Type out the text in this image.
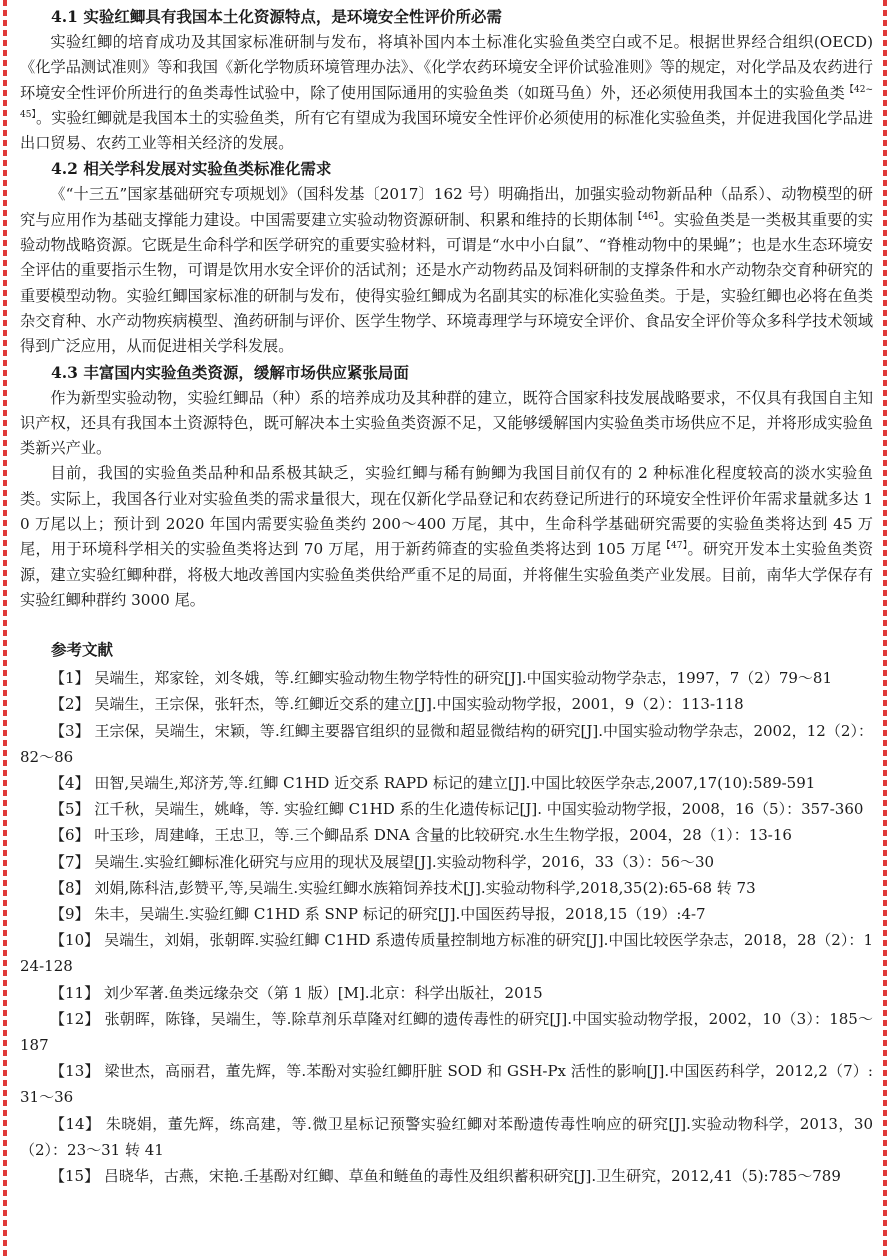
4.1 实验红鲫具有我国本土化资源特点，是环境安全性评价所必需

实验红鲫的培育成功及其国家标准研制与发布，将填补国内本土标准化实验鱼类空白或不足。根据世界经合组织(OECD)《化学品测试准则》等和我国《新化学物质环境管理办法》、《化学农药环境安全评价试验准则》等的规定，对化学品及农药进行环境安全性评价所进行的鱼类毒性试验中，除了使用国际通用的实验鱼类（如斑马鱼）外，还必须使用我国本土的实验鱼类$^{【42\sim 45】}$。实验红鲫就是我国本土的实验鱼类，所有它有望成为我国环境安全性评价必须使用的标准化实验鱼类，并促进我国化学品进出口贸易、农药工业等相关经济的发展。

4.2 相关学科发展对实验鱼类标准化需求

《“十三五”国家基础研究专项规划》（国科发基〔2017〕162 号）明确指出，加强实验动物新品种（品系）、动物模型的研究与应用作为基础支撑能力建设。中国需要建立实验动物资源研制、积累和维持的长期体制$^{【46】}$。实验鱼类是一类极其重要的实验动物战略资源。它既是生命科学和医学研究的重要实验材料，可谓是“水中小白鼠”、“脊椎动物中的果蝇”；也是水生态环境安全评估的重要指示生物，可谓是饮用水安全评价的活试剂；还是水产动物药品及饲料研制的支撑条件和水产动物杂交育种研究的重要模型动物。实验红鲫国家标准的研制与发布，使得实验红鲫成为名副其实的标准化实验鱼类。于是，实验红鲫也必将在鱼类杂交育种、水产动物疾病模型、渔药研制与评价、医学生物学、环境毒理学与环境安全评价、食品安全评价等众多科学技术领域得到广泛应用，从而促进相关学科发展。

4.3 丰富国内实验鱼类资源，缓解市场供应紧张局面

作为新型实验动物，实验红鲫品（种）系的培养成功及其种群的建立，既符合国家科技发展战略要求，不仅具有我国自主知识产权，还具有我国本土资源特色，既可解决本土实验鱼类资源不足，又能够缓解国内实验鱼类市场供应不足，并将形成实验鱼类新兴产业。

目前，我国的实验鱼类品种和品系极其缺乏，实验红鲫与稀有鮈鲫为我国目前仅有的 2 种标准化程度较高的淡水实验鱼类。实际上，我国各行业对实验鱼类的需求量很大，现在仅新化学品登记和农药登记所进行的环境安全性评价年需求量就多达 10 万尾以上；预计到 2020 年国内需要实验鱼类约 200～400 万尾，其中，生命科学基础研究需要的实验鱼类将达到 45 万尾，用于环境科学相关的实验鱼类将达到 70 万尾，用于新药筛查的实验鱼类将达到 105 万尾$^{【47】}$。研究开发本土实验鱼类资源，建立实验红鲫种群，将极大地改善国内实验鱼类供给严重不足的局面，并将催生实验鱼类产业发展。目前，南华大学保存有实验红鲫种群约 3000 尾。

参考文献

【1】 吴端生，郑家铨，刘冬娥，等.红鲫实验动物生物学特性的研究[J].中国实验动物学杂志，1997，7（2）79～81

【2】 吴端生，王宗保，张轩杰，等.红鲫近交系的建立[J].中国实验动物学报，2001，9（2）：113-118

【3】 王宗保，吴端生，宋颖，等.红鲫主要器官组织的显微和超显微结构的研究[J].中国实验动物学杂志，2002，12（2）：82～86

【4】 田智,吴端生,郑济芳,等.红鲫 C1HD 近交系 RAPD 标记的建立[J].中国比较医学杂志,2007,17(10):589-591

【5】 江千秋，吴端生，姚峰，等. 实验红鲫 C1HD 系的生化遗传标记[J]. 中国实验动物学报，2008，16（5）：357-360

【6】 叶玉珍，周建峰，王忠卫，等.三个鲫品系 DNA 含量的比较研究.水生生物学报，2004，28（1）：13-16

【7】 吴端生.实验红鲫标准化研究与应用的现状及展望[J].实验动物科学，2016，33（3）：56～30

【8】 刘娟,陈科洁,彭赞平,等,吴端生.实验红鲫水族箱饲养技术[J].实验动物科学,2018,35(2):65-68 转 73

【9】 朱丰，吴端生.实验红鲫 C1HD 系 SNP 标记的研究[J].中国医药导报，2018,15（19）:4-7

【10】 吴端生，刘娟，张朝晖.实验红鲫 C1HD 系遗传质量控制地方标准的研究[J].中国比较医学杂志，2018，28（2）：124-128

【11】 刘少军著.鱼类远缘杂交（第 1 版）[M].北京：科学出版社，2015

【12】 张朝晖，陈锋，吴端生，等.除草剂乐草隆对红鲫的遗传毒性的研究[J].中国实验动物学报，2002，10（3）：185～187

【13】 梁世杰，高丽君，董先辉，等.苯酚对实验红鲫肝脏 SOD 和 GSH-Px 活性的影响[J].中国医药科学，2012,2（7）:31～36

【14】 朱晓娟，董先辉，练高建，等.微卫星标记预警实验红鲫对苯酚遗传毒性响应的研究[J].实验动物科学，2013，30（2）：23～31 转 41

【15】 吕晓华，古燕，宋艳.壬基酚对红鲫、草鱼和鲢鱼的毒性及组织蓄积研究[J].卫生研究，2012,41（5):785～789
